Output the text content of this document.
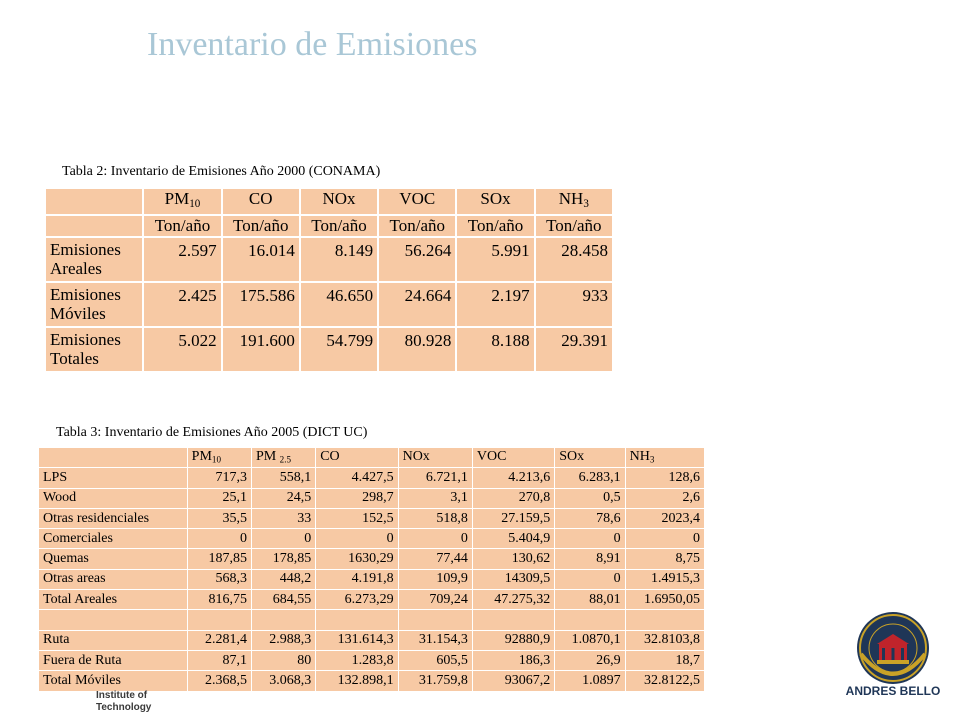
Inventario de Emisiones
Tabla 2: Inventario de Emisiones Año 2000 (CONAMA)
	$PM_{10}$	CO	NOx	VOC	SOx	$NH_3$
	Ton/año	Ton/año	Ton/año	Ton/año	Ton/año	Ton/año
Emisiones
Areales	2.597	16.014	8.149	56.264	5.991	28.458
Emisiones
Móviles	2.425	175.586	46.650	24.664	2.197	933
Emisiones
Totales	5.022	191.600	54.799	80.928	8.188	29.391
Tabla 3: Inventario de Emisiones Año 2005 (DICT UC)
	$PM_{10}$	PM $_{2.5}$	CO	NOx	VOC	SOx	$NH_3$
LPS	717,3	558,1	4.427,5	6.721,1	4.213,6	6.283,1	128,6
Wood	25,1	24,5	298,7	3,1	270,8	0,5	2,6
Otras residenciales	35,5	33	152,5	518,8	27.159,5	78,6	2023,4
Comerciales	0	0	0	0	5.404,9	0	0
Quemas	187,85	178,85	1630,29	77,44	130,62	8,91	8,75
Otras areas	568,3	448,2	4.191,8	109,9	14309,5	0	1.4915,3
Total Areales	816,75	684,55	6.273,29	709,24	47.275,32	88,01	1.6950,05

Ruta	2.281,4	2.988,3	131.614,3	31.154,3	92880,9	1.0870,1	32.8103,8
Fuera de Ruta	87,1	80	1.283,8	605,5	186,3	26,9	18,7
Total Móviles	2.368,5	3.068,3	132.898,1	31.759,8	93067,2	1.0897	32.8122,5
Institute of
Technology
ANDRES BELLO
